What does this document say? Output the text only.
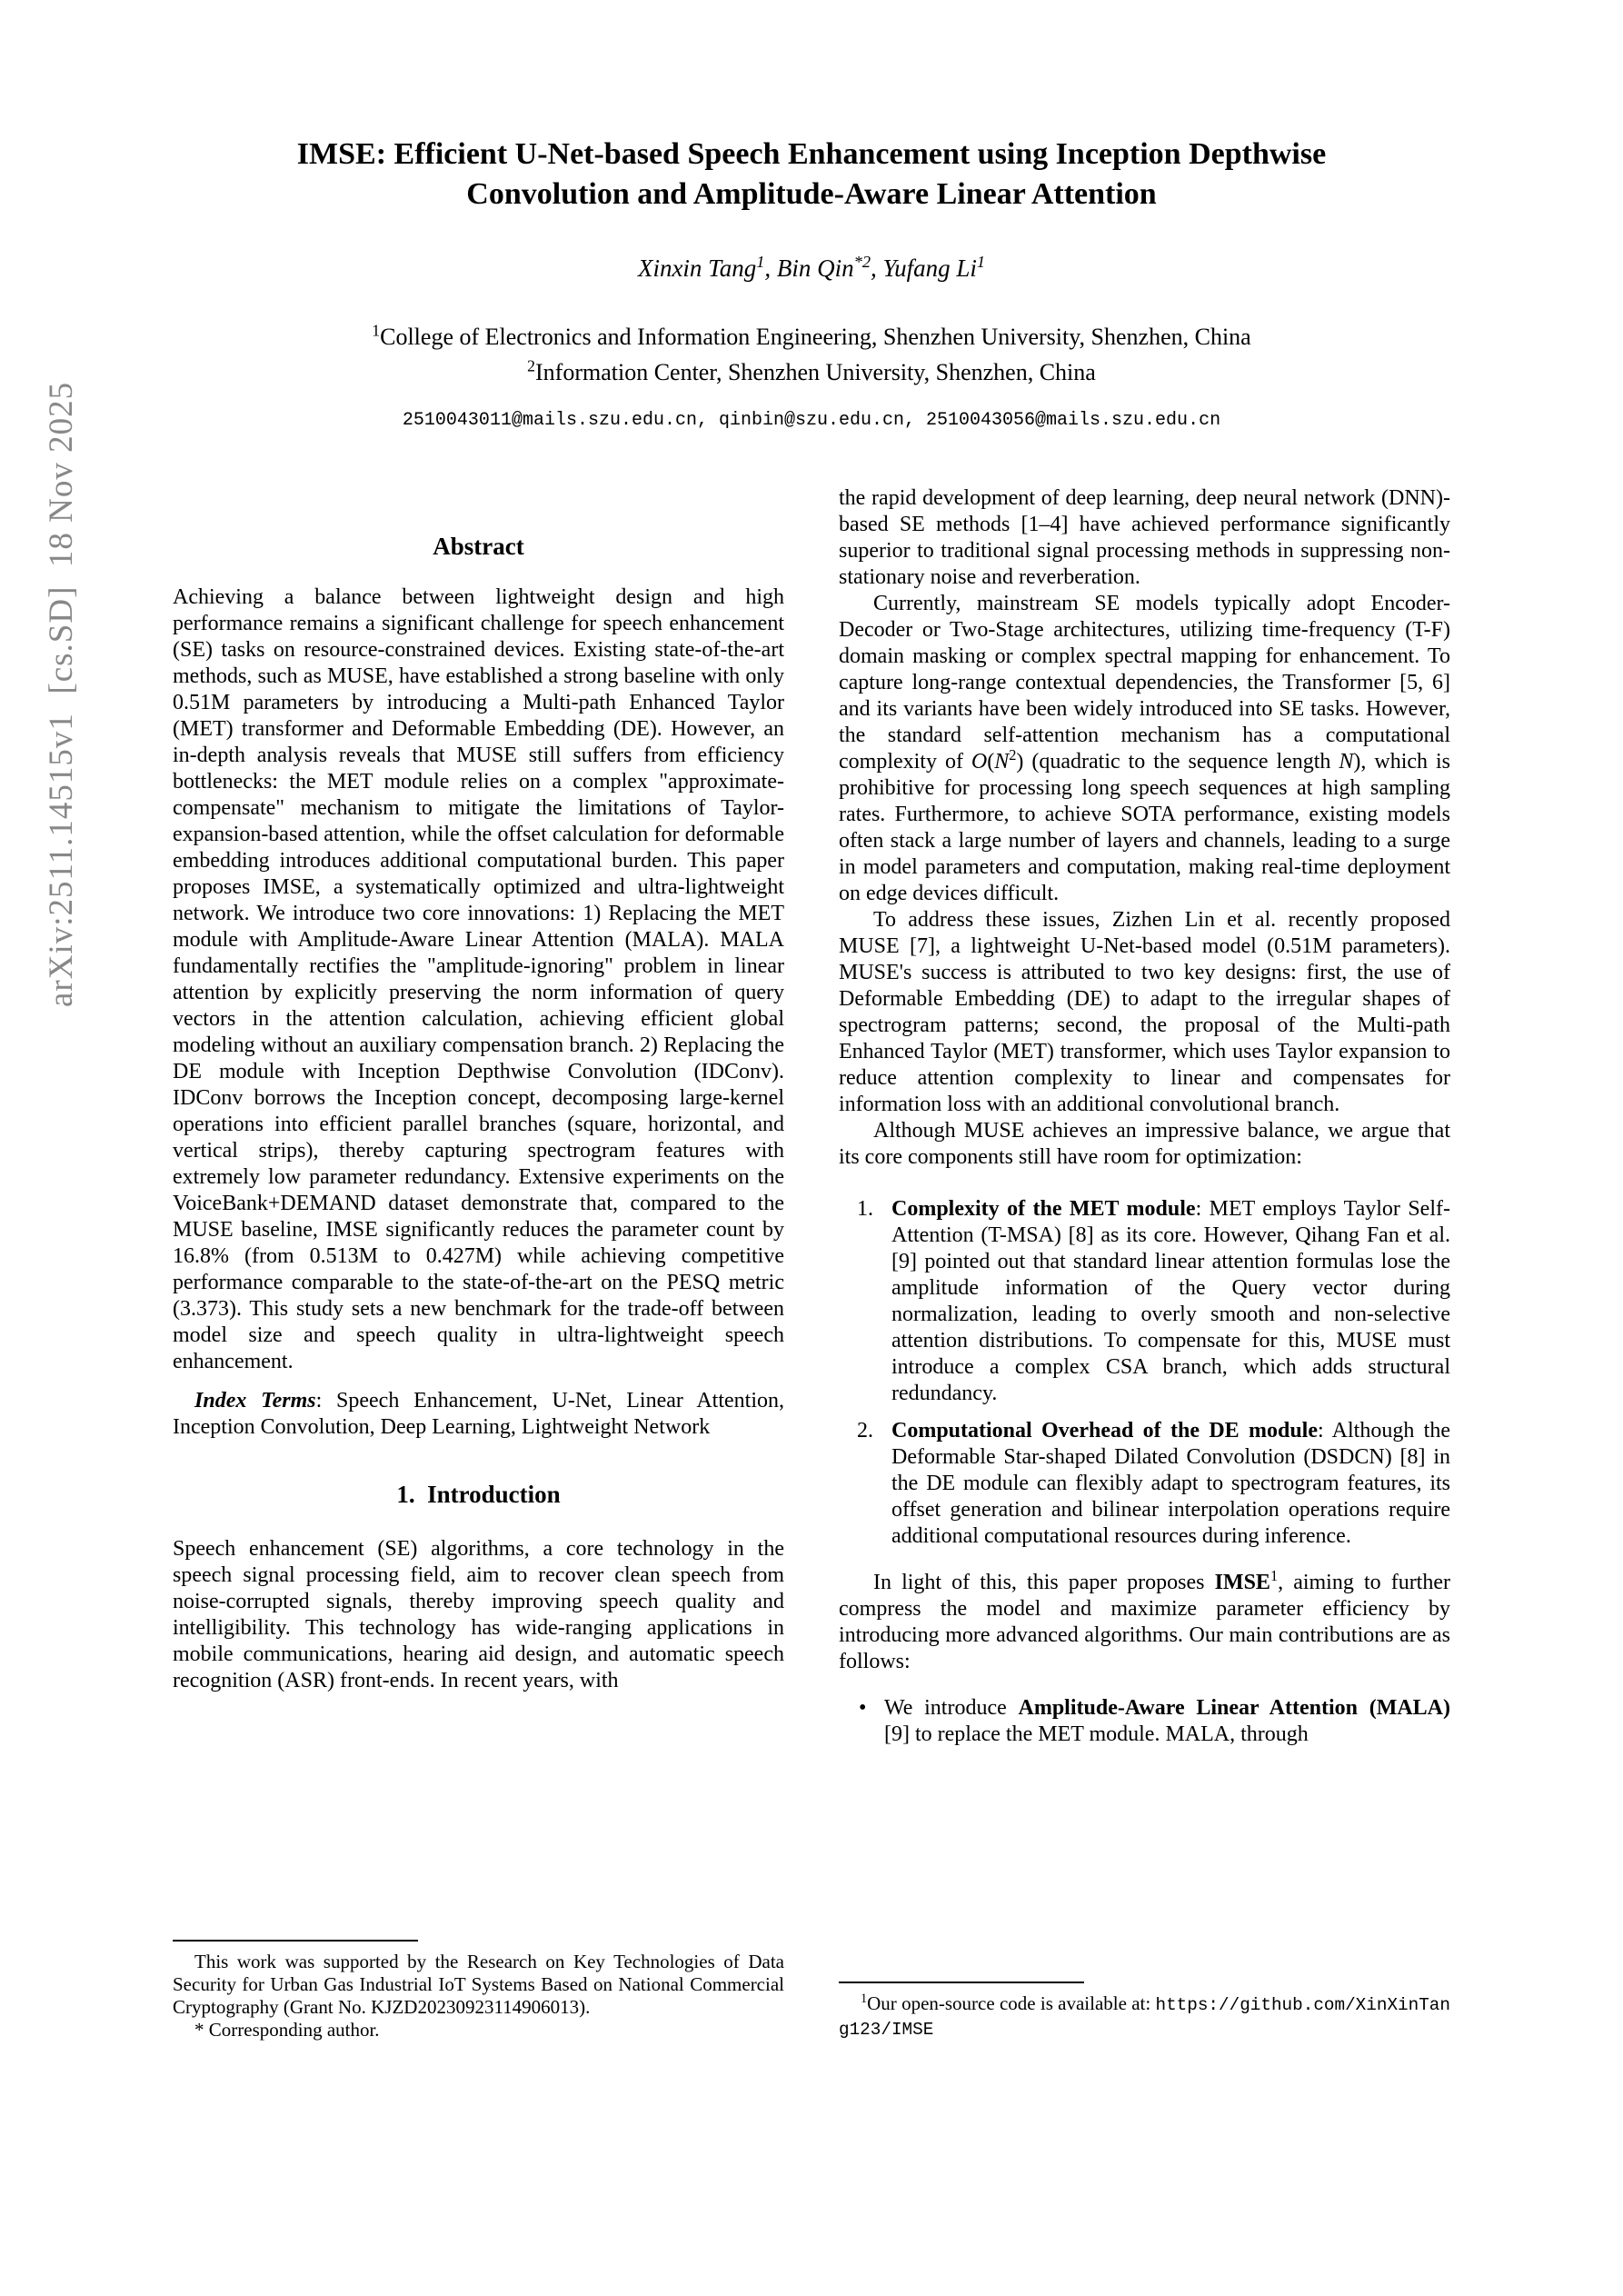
arXiv:2511.14515v1  [cs.SD]  18 Nov 2025
IMSE: Efficient U-Net-based Speech Enhancement using Inception Depthwise Convolution and Amplitude-Aware Linear Attention
Xinxin Tang$^1$, Bin Qin$^{*2}$, Yufang Li$^1$
$^1$College of Electronics and Information Engineering, Shenzhen University, Shenzhen, China
$^2$Information Center, Shenzhen University, Shenzhen, China
2510043011@mails.szu.edu.cn, qinbin@szu.edu.cn, 2510043056@mails.szu.edu.cn
Abstract

Achieving a balance between lightweight design and high performance remains a significant challenge for speech enhancement (SE) tasks on resource-constrained devices. Existing state-of-the-art methods, such as MUSE, have established a strong baseline with only 0.51M parameters by introducing a Multi-path Enhanced Taylor (MET) transformer and Deformable Embedding (DE). However, an in-depth analysis reveals that MUSE still suffers from efficiency bottlenecks: the MET module relies on a complex "approximate-compensate" mechanism to mitigate the limitations of Taylor-expansion-based attention, while the offset calculation for deformable embedding introduces additional computational burden. This paper proposes IMSE, a systematically optimized and ultra-lightweight network. We introduce two core innovations: 1) Replacing the MET module with Amplitude-Aware Linear Attention (MALA). MALA fundamentally rectifies the "amplitude-ignoring" problem in linear attention by explicitly preserving the norm information of query vectors in the attention calculation, achieving efficient global modeling without an auxiliary compensation branch. 2) Replacing the DE module with Inception Depthwise Convolution (IDConv). IDConv borrows the Inception concept, decomposing large-kernel operations into efficient parallel branches (square, horizontal, and vertical strips), thereby capturing spectrogram features with extremely low parameter redundancy. Extensive experiments on the VoiceBank+DEMAND dataset demonstrate that, compared to the MUSE baseline, IMSE significantly reduces the parameter count by 16.8% (from 0.513M to 0.427M) while achieving competitive performance comparable to the state-of-the-art on the PESQ metric (3.373). This study sets a new benchmark for the trade-off between model size and speech quality in ultra-lightweight speech enhancement.

Index Terms: Speech Enhancement, U-Net, Linear Attention, Inception Convolution, Deep Learning, Lightweight Network

1.  Introduction

Speech enhancement (SE) algorithms, a core technology in the speech signal processing field, aim to recover clean speech from noise-corrupted signals, thereby improving speech quality and intelligibility. This technology has wide-ranging applications in mobile communications, hearing aid design, and automatic speech recognition (ASR) front-ends. In recent years, with

This work was supported by the Research on Key Technologies of Data Security for Urban Gas Industrial IoT Systems Based on National Commercial Cryptography (Grant No. KJZD20230923114906013).

* Corresponding author.

the rapid development of deep learning, deep neural network (DNN)-based SE methods [1–4] have achieved performance significantly superior to traditional signal processing methods in suppressing non-stationary noise and reverberation.

Currently, mainstream SE models typically adopt Encoder-Decoder or Two-Stage architectures, utilizing time-frequency (T-F) domain masking or complex spectral mapping for enhancement. To capture long-range contextual dependencies, the Transformer [5, 6] and its variants have been widely introduced into SE tasks. However, the standard self-attention mechanism has a computational complexity of $O(N^2)$ (quadratic to the sequence length N), which is prohibitive for processing long speech sequences at high sampling rates. Furthermore, to achieve SOTA performance, existing models often stack a large number of layers and channels, leading to a surge in model parameters and computation, making real-time deployment on edge devices difficult.

To address these issues, Zizhen Lin et al. recently proposed MUSE [7], a lightweight U-Net-based model (0.51M parameters). MUSE's success is attributed to two key designs: first, the use of Deformable Embedding (DE) to adapt to the irregular shapes of spectrogram patterns; second, the proposal of the Multi-path Enhanced Taylor (MET) transformer, which uses Taylor expansion to reduce attention complexity to linear and compensates for information loss with an additional convolutional branch.

Although MUSE achieves an impressive balance, we argue that its core components still have room for optimization:

1. Complexity of the MET module: MET employs Taylor Self-Attention (T-MSA) [8] as its core. However, Qihang Fan et al. [9] pointed out that standard linear attention formulas lose the amplitude information of the Query vector during normalization, leading to overly smooth and non-selective attention distributions. To compensate for this, MUSE must introduce a complex CSA branch, which adds structural redundancy.
2. Computational Overhead of the DE module: Although the Deformable Star-shaped Dilated Convolution (DSDCN) [8] in the DE module can flexibly adapt to spectrogram features, its offset generation and bilinear interpolation operations require additional computational resources during inference.

In light of this, this paper proposes IMSE$^1$, aiming to further compress the model and maximize parameter efficiency by introducing more advanced algorithms. Our main contributions are as follows:

• We introduce Amplitude-Aware Linear Attention (MALA) [9] to replace the MET module. MALA, through

$^1$Our open-source code is available at: https://github.com/XinXinTang123/IMSE
